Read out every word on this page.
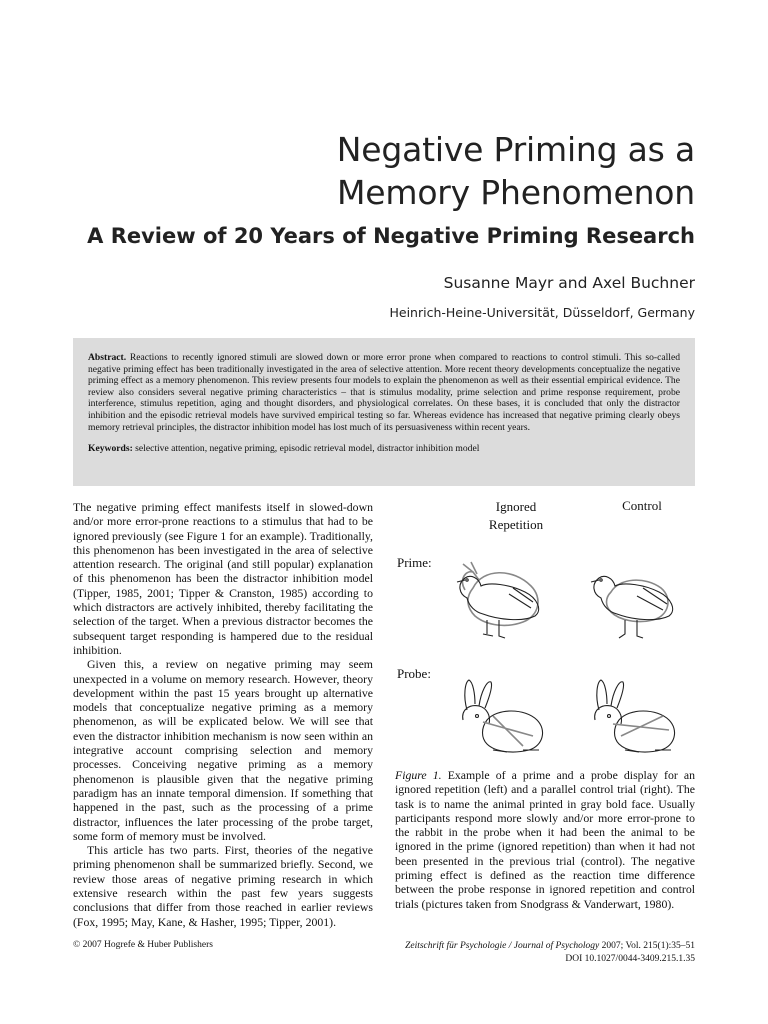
Negative Priming as a
Memory Phenomenon
A Review of 20 Years of Negative Priming Research
Susanne Mayr and Axel Buchner
Heinrich-Heine-Universität, Düsseldorf, Germany
Abstract. Reactions to recently ignored stimuli are slowed down or more error prone when compared to reactions to control stimuli. This so-called negative priming effect has been traditionally investigated in the area of selective attention. More recent theory developments conceptualize the negative priming effect as a memory phenomenon. This review presents four models to explain the phenomenon as well as their essential empirical evidence. The review also considers several negative priming characteristics – that is stimulus modality, prime selection and prime response requirement, probe interference, stimulus repetition, aging and thought disorders, and physiological correlates. On these bases, it is concluded that only the distractor inhibition and the episodic retrieval models have survived empirical testing so far. Whereas evidence has increased that negative priming clearly obeys memory retrieval principles, the distractor inhibition model has lost much of its persuasiveness within recent years.
Keywords: selective attention, negative priming, episodic retrieval model, distractor inhibition model

The negative priming effect manifests itself in slowed-down and/or more error-prone reactions to a stimulus that had to be ignored previously (see Figure 1 for an example). Traditionally, this phenomenon has been investigated in the area of selective attention research. The original (and still popular) explanation of this phenomenon has been the distractor inhibition model (Tipper, 1985, 2001; Tipper & Cranston, 1985) according to which distractors are actively inhibited, thereby facilitating the selection of the target. When a previous distractor becomes the subsequent target responding is hampered due to the residual inhibition.

Given this, a review on negative priming may seem unexpected in a volume on memory research. However, theory development within the past 15 years brought up alternative models that conceptualize negative priming as a memory phenomenon, as will be explicated below. We will see that even the distractor inhibition mechanism is now seen within an integrative account comprising selection and memory processes. Conceiving negative priming as a memory phenomenon is plausible given that the negative priming paradigm has an innate temporal dimension. If something that happened in the past, such as the processing of a prime distractor, influences the later processing of the probe target, some form of memory must be involved.

This article has two parts. First, theories of the negative priming phenomenon shall be summarized briefly. Second, we review those areas of negative priming research in which extensive research within the past few years suggests conclusions that differ from those reached in earlier reviews (Fox, 1995; May, Kane, & Hasher, 1995; Tipper, 2001).

Ignored
Repetition
Control
Prime:
Probe:
Figure 1. Example of a prime and a probe display for an ignored repetition (left) and a parallel control trial (right). The task is to name the animal printed in gray bold face. Usually participants respond more slowly and/or more error-prone to the rabbit in the probe when it had been the animal to be ignored in the prime (ignored repetition) than when it had not been presented in the previous trial (control). The negative priming effect is defined as the reaction time difference between the probe response in ignored repetition and control trials (pictures taken from Snodgrass & Vanderwart, 1980).
© 2007 Hogrefe & Huber Publishers	Zeitschrift für Psychologie / Journal of Psychology 2007; Vol. 215(1):35–51
DOI 10.1027/0044-3409.215.1.35
